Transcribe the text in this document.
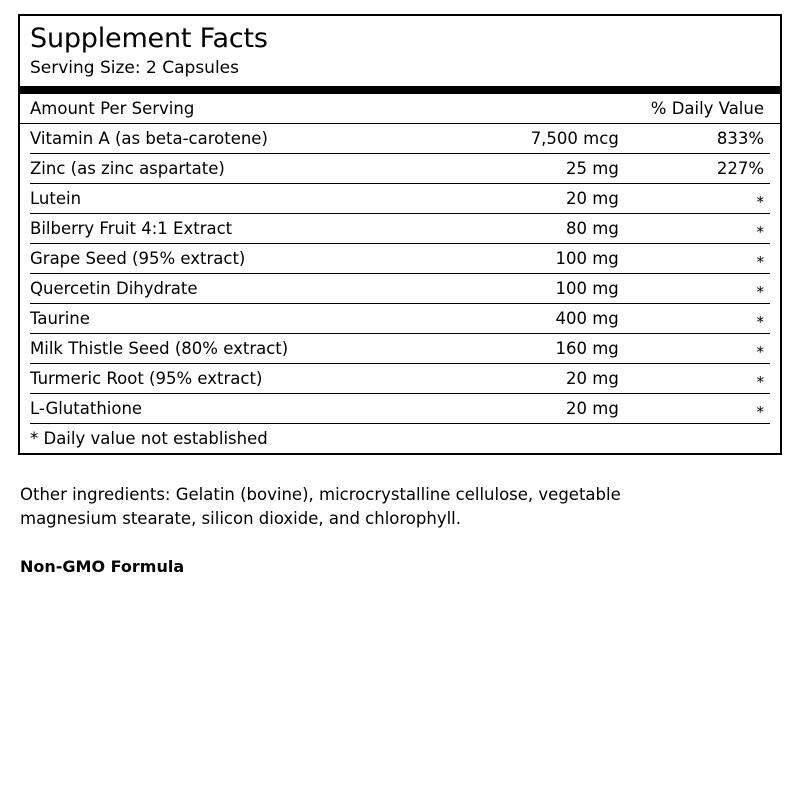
Supplement Facts
Serving Size: 2 Capsules
Amount Per Serving		% Daily Value
Vitamin A (as beta-carotene)	7,500 mcg	833%
Zinc (as zinc aspartate)	25 mg	227%
Lutein	20 mg	*
Bilberry Fruit 4:1 Extract	80 mg	*
Grape Seed (95% extract)	100 mg	*
Quercetin Dihydrate	100 mg	*
Taurine	400 mg	*
Milk Thistle Seed (80% extract)	160 mg	*
Turmeric Root (95% extract)	20 mg	*
L-Glutathione	20 mg	*
* Daily value not established		

Other ingredients: Gelatin (bovine), microcrystalline cellulose, vegetable magnesium stearate, silicon dioxide, and chlorophyll.

Non-GMO Formula
